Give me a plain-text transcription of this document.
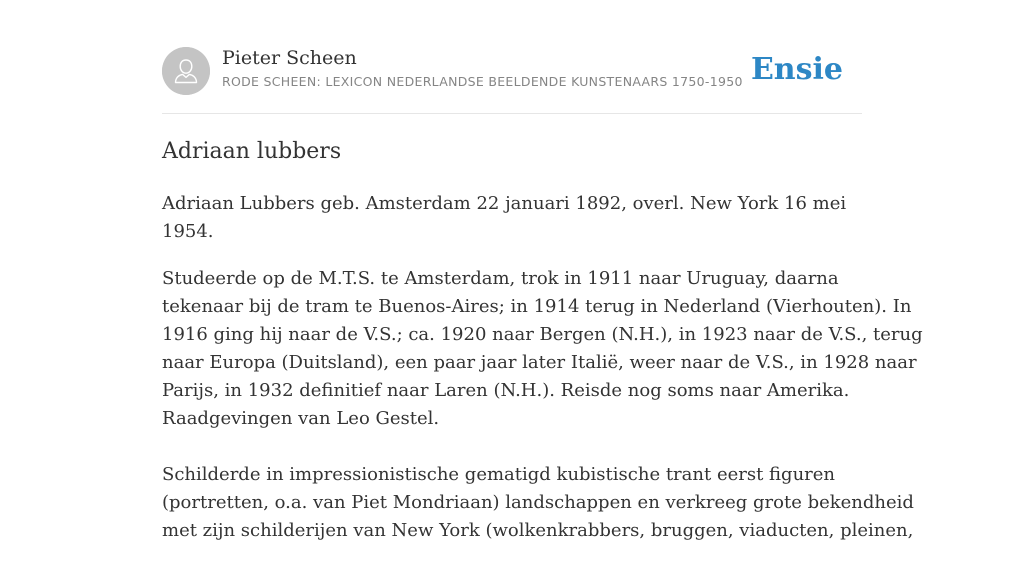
Pieter Scheen
RODE SCHEEN: LEXICON NEDERLANDSE BEELDENDE KUNSTENAARS 1750-1950 Ensie
Adriaan lubbers

Adriaan Lubbers geb. Amsterdam 22 januari 1892, overl. New York 16 mei 1954.

Studeerde op de M.T.S. te Amsterdam, trok in 1911 naar Uruguay, daarna
tekenaar bij de tram te Buenos-Aires; in 1914 terug in Nederland (Vierhouten). In
1916 ging hij naar de V.S.; ca. 1920 naar Bergen (N.H.), in 1923 naar de V.S., terug
naar Europa (Duitsland), een paar jaar later Italië, weer naar de V.S., in 1928 naar
Parijs, in 1932 definitief naar Laren (N.H.). Reisde nog soms naar Amerika.
Raadgevingen van Leo Gestel.
Schilderde in impressionistische gematigd kubistische trant eerst figuren
(portretten, o.a. van Piet Mondriaan) landschappen en verkreeg grote bekendheid
met zijn schilderijen van New York (wolkenkrabbers, bruggen, viaducten, pleinen,
